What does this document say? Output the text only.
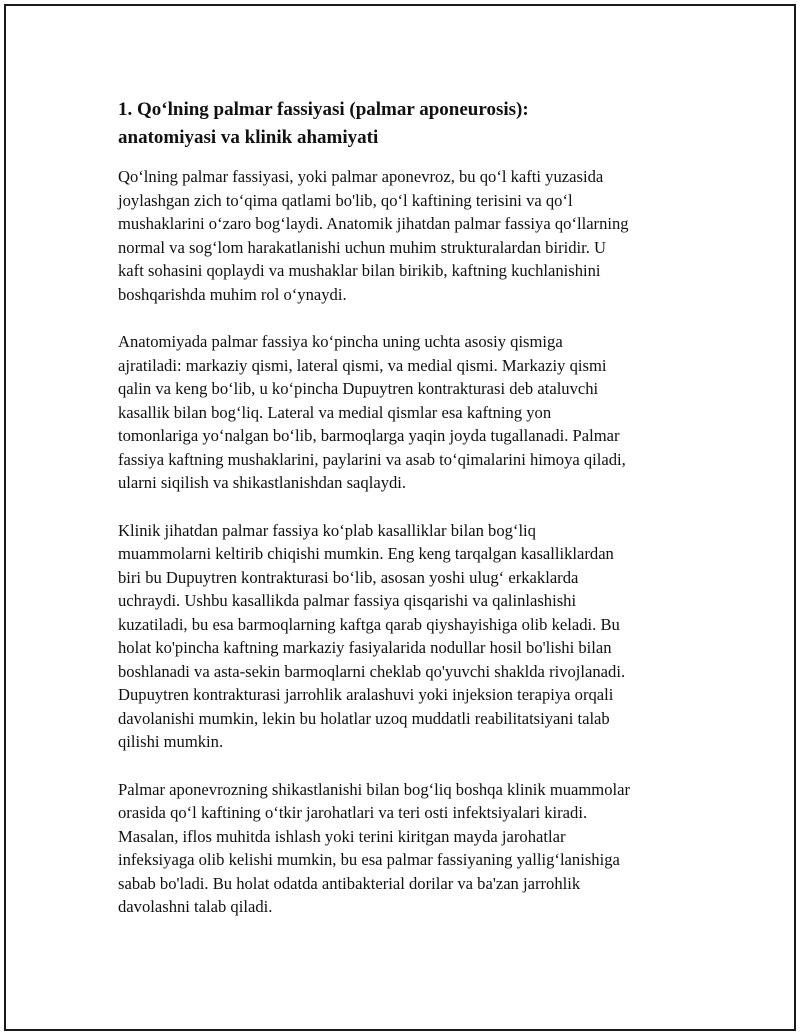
1. Qo‘lning palmar fassiyasi (palmar aponeurosis):
anatomiyasi va klinik ahamiyati

Qo‘lning palmar fassiyasi, yoki palmar aponevroz, bu qo‘l kafti yuzasida
joylashgan zich to‘qima qatlami bo'lib, qo‘l kaftining terisini va qo‘l
mushaklarini o‘zaro bog‘laydi. Anatomik jihatdan palmar fassiya qo‘llarning
normal va sog‘lom harakatlanishi uchun muhim strukturalardan biridir. U
kaft sohasini qoplaydi va mushaklar bilan birikib, kaftning kuchlanishini
boshqarishda muhim rol o‘ynaydi.

Anatomiyada palmar fassiya ko‘pincha uning uchta asosiy qismiga
ajratiladi: markaziy qismi, lateral qismi, va medial qismi. Markaziy qismi
qalin va keng bo‘lib, u ko‘pincha Dupuytren kontrakturasi deb ataluvchi
kasallik bilan bog‘liq. Lateral va medial qismlar esa kaftning yon
tomonlariga yo‘nalgan bo‘lib, barmoqlarga yaqin joyda tugallanadi. Palmar
fassiya kaftning mushaklarini, paylarini va asab to‘qimalarini himoya qiladi,
ularni siqilish va shikastlanishdan saqlaydi.

Klinik jihatdan palmar fassiya ko‘plab kasalliklar bilan bog‘liq
muammolarni keltirib chiqishi mumkin. Eng keng tarqalgan kasalliklardan
biri bu Dupuytren kontrakturasi bo‘lib, asosan yoshi ulug‘ erkaklarda
uchraydi. Ushbu kasallikda palmar fassiya qisqarishi va qalinlashishi
kuzatiladi, bu esa barmoqlarning kaftga qarab qiyshayishiga olib keladi. Bu
holat ko'pincha kaftning markaziy fasiyalarida nodullar hosil bo'lishi bilan
boshlanadi va asta-sekin barmoqlarni cheklab qo'yuvchi shaklda rivojlanadi.
Dupuytren kontrakturasi jarrohlik aralashuvi yoki injeksion terapiya orqali
davolanishi mumkin, lekin bu holatlar uzoq muddatli reabilitatsiyani talab
qilishi mumkin.

Palmar aponevrozning shikastlanishi bilan bog‘liq boshqa klinik muammolar
orasida qo‘l kaftining o‘tkir jarohatlari va teri osti infektsiyalari kiradi.
Masalan, iflos muhitda ishlash yoki terini kiritgan mayda jarohatlar
infeksiyaga olib kelishi mumkin, bu esa palmar fassiyaning yallig‘lanishiga
sabab bo'ladi. Bu holat odatda antibakterial dorilar va ba'zan jarrohlik
davolashni talab qiladi.
